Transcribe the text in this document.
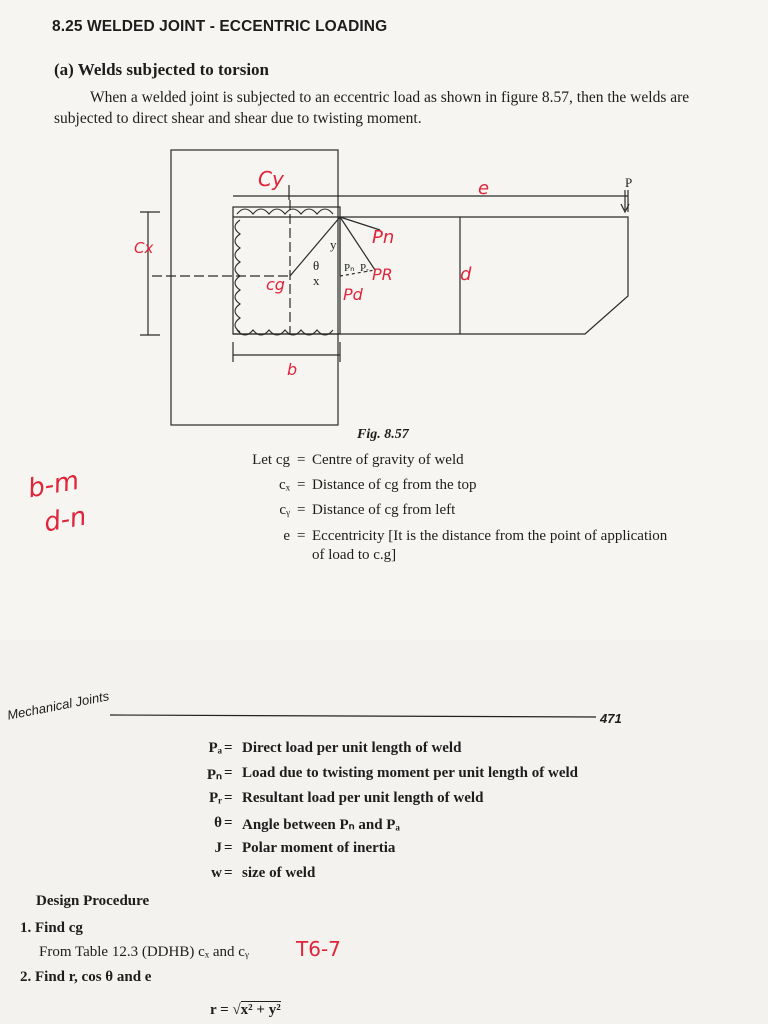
8.25 WELDED JOINT - ECCENTRIC LOADING
(a) Welds subjected to torsion
When a welded joint is subjected to an eccentric load as shown in figure 8.57, then the welds are subjected to direct shear and shear due to twisting moment.
P
θ
x
y
Pₙ Pᵣ
Cy	e
Pn
PR
Pd
cg	d
b
Cx
Fig. 8.57
Let cg = Centre of gravity of weld
cₓ = Distance of cg from the top
cᵧ = Distance of cg from left
e = Eccentricity [It is the distance from the point of application
of load to c.g]
b-m
d-n
Mechanical Joints	471
Pₐ = Direct load per unit length of weld
Pₙ = Load due to twisting moment per unit length of weld
Pᵣ = Resultant load per unit length of weld
θ = Angle between Pₙ and Pₐ
J = Polar moment of inertia
w = size of weld
Design Procedure
1. Find cg
From Table 12.3 (DDHB) cₓ and cᵧ T6-7
2. Find r, cos θ and e
r = √x² + y²
